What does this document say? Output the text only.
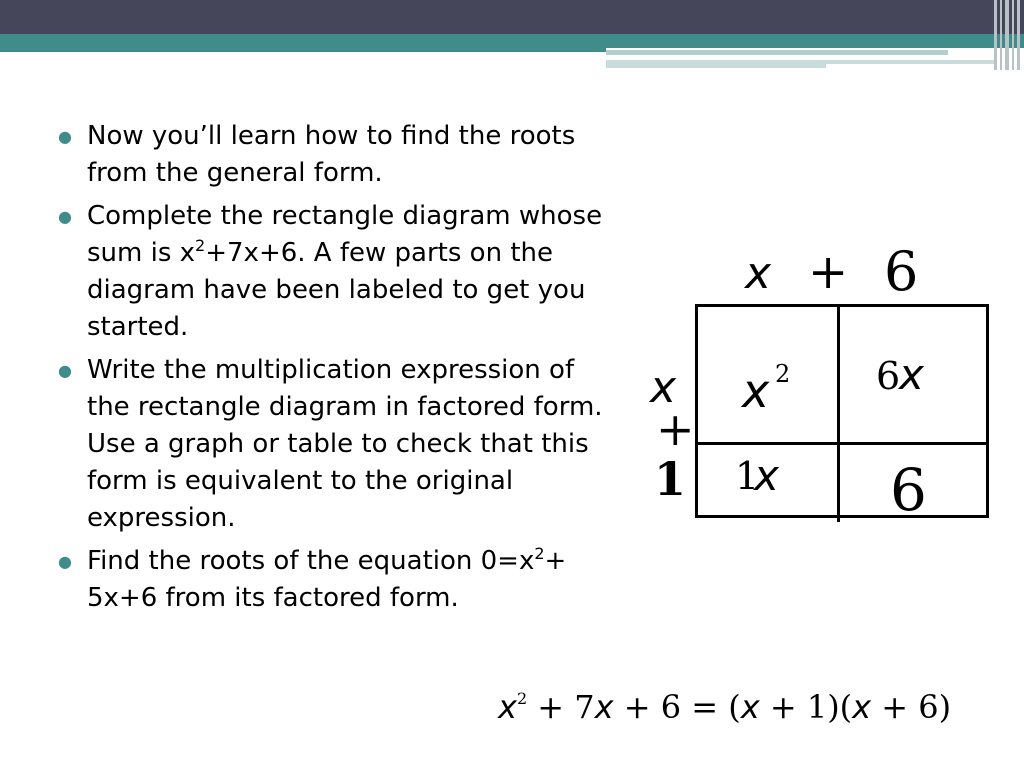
● Now you’ll learn how to find the roots from the general form.
● Complete the rectangle diagram whose sum is $x^2+7x+6$. A few parts on the diagram have been labeled to get you started.
● Write the multiplication expression of the rectangle diagram in factored form. Use a graph or table to check that this form is equivalent to the original expression.
● Find the roots of the equation $0=x^2+ 5x+6$ from its factored form.
x + 6
x
+
1
x 2 6
x
1
x 6
$x^2 + 7x + 6 = (x + 1)(x + 6)$
